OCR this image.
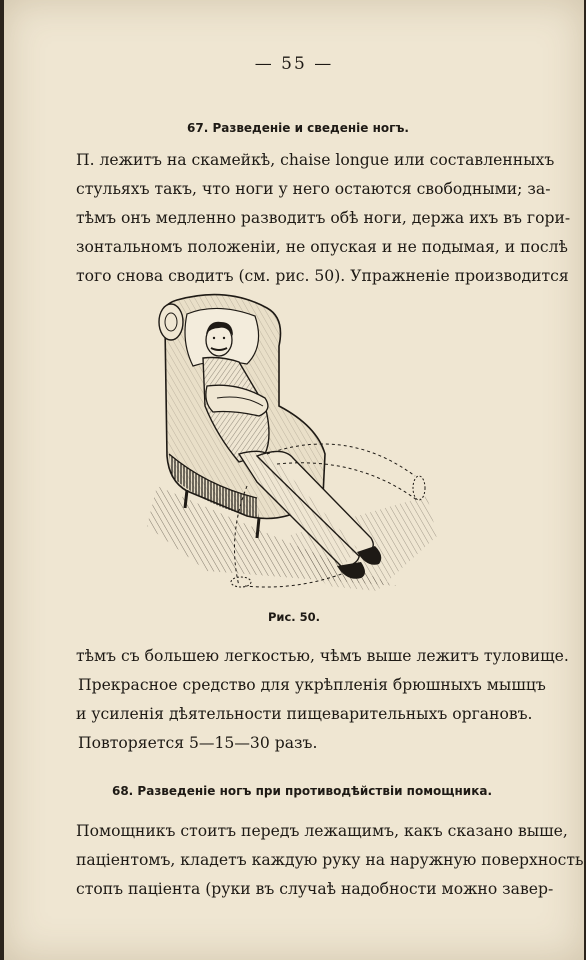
— 55 —
67. Разведеніе и сведеніе ногъ.
П. лежитъ на скамейкѣ, chaise longue или составленныхъ
стульяхъ такъ, что ноги у него остаются свободными; за-
тѣмъ онъ медленно разводитъ обѣ ноги, держа ихъ въ гори-
зонтальномъ положеніи, не опуская и не подымая, и послѣ
того снова сводитъ (см. рис. 50). Упражненіе производится
Рис. 50.
тѣмъ съ большею легкостью, чѣмъ выше лежитъ туловище.
Прекрасное средство для укрѣпленія брюшныхъ мышцъ
и усиленія дѣятельности пищеварительныхъ органовъ.
Повторяется 5—15—30 разъ.
68. Разведеніе ногъ при противодѣйствіи помощника.
Помощникъ стоитъ передъ лежащимъ, какъ сказано выше,
паціентомъ, кладетъ каждую руку на наружную поверхность
стопъ паціента (руки въ случаѣ надобности можно завер-
